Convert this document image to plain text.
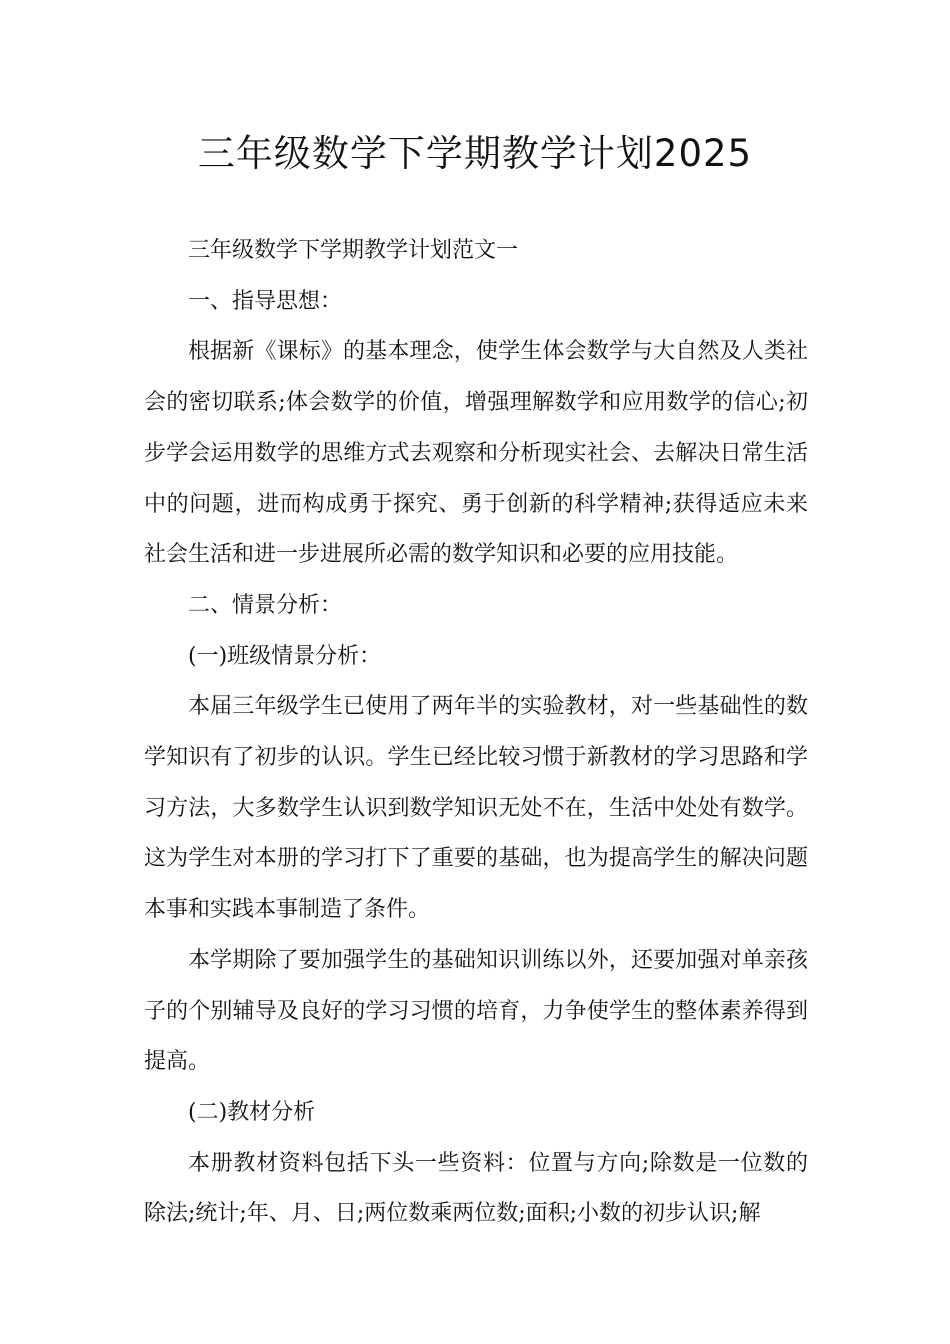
三年级数学下学期教学计划2025

三年级数学下学期教学计划范文一

一、指导思想：

根据新《课标》的基本理念，使学生体会数学与大自然及人类社会的密切联系;体会数学的价值，增强理解数学和应用数学的信心;初步学会运用数学的思维方式去观察和分析现实社会、去解决日常生活中的问题，进而构成勇于探究、勇于创新的科学精神;获得适应未来社会生活和进一步进展所必需的数学知识和必要的应用技能。

二、情景分析：

(一)班级情景分析：

本届三年级学生已使用了两年半的实验教材，对一些基础性的数学知识有了初步的认识。学生已经比较习惯于新教材的学习思路和学习方法，大多数学生认识到数学知识无处不在，生活中处处有数学。这为学生对本册的学习打下了重要的基础，也为提高学生的解决问题本事和实践本事制造了条件。

本学期除了要加强学生的基础知识训练以外，还要加强对单亲孩子的个别辅导及良好的学习习惯的培育，力争使学生的整体素养得到提高。

(二)教材分析

本册教材资料包括下头一些资料：位置与方向;除数是一位数的除法;统计;年、月、日;两位数乘两位数;面积;小数的初步认识;解
